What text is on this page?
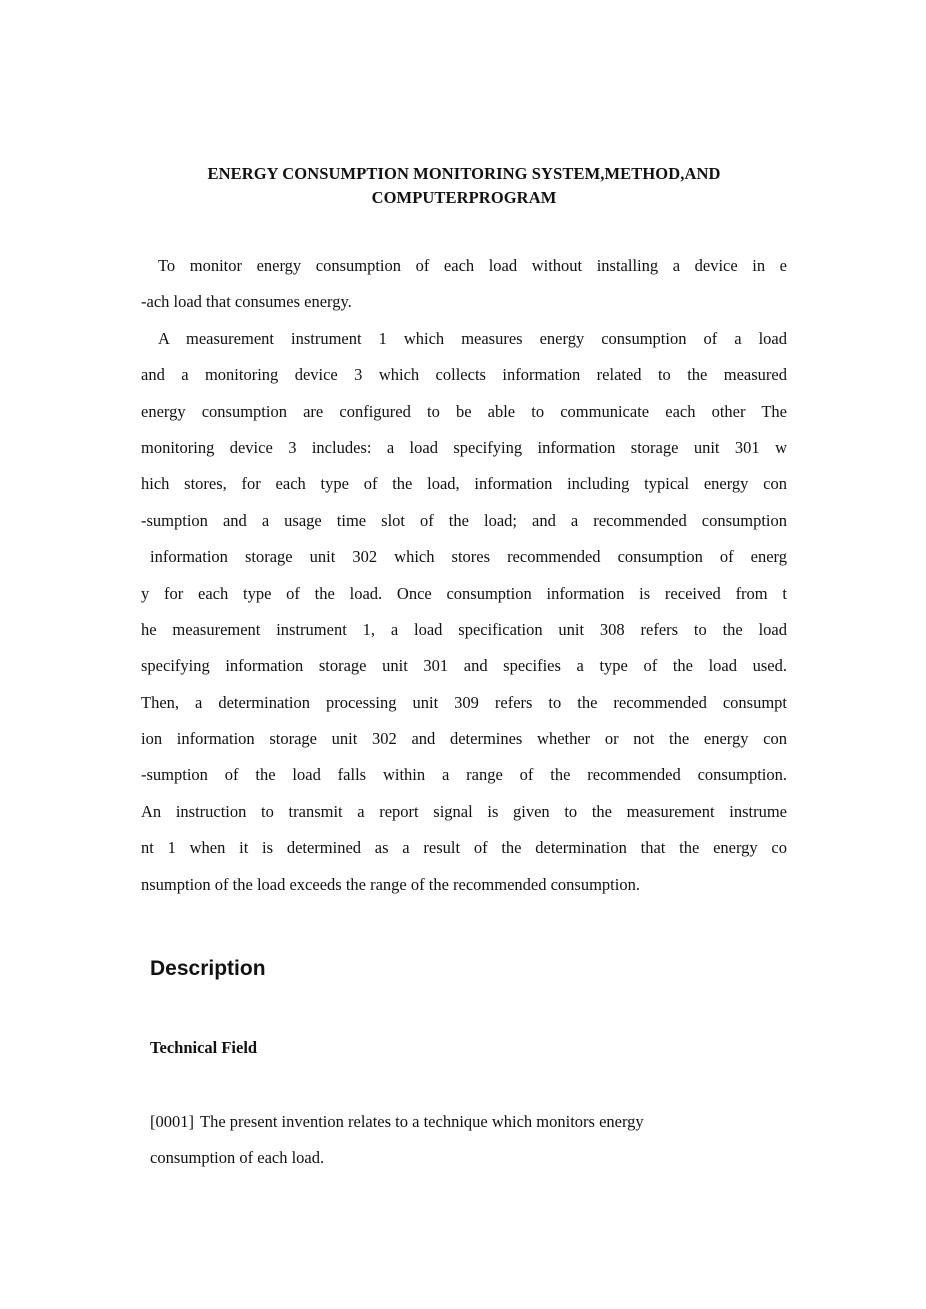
ENERGY CONSUMPTION MONITORING SYSTEM,METHOD,AND
COMPUTERPROGRAM
To monitor energy consumption of each load without installing a device in e
-ach load that consumes energy.
A measurement instrument 1 which measures energy consumption of a load
and a monitoring device 3 which collects information related to the measured
energy consumption are configured to be able to communicate each other The
monitoring device 3 includes: a load specifying information storage unit 301 w
hich stores, for each type of the load, information including typical energy con
-sumption and a usage time slot of the load; and a recommended consumption
information storage unit 302 which stores recommended consumption of energ
y for each type of the load. Once consumption information is received from t
he measurement instrument 1, a load specification unit 308 refers to the load
specifying information storage unit 301 and specifies a type of the load used.
Then, a determination processing unit 309 refers to the recommended consumpt
ion information storage unit 302 and determines whether or not the energy con
-sumption of the load falls within a range of the recommended consumption.
An instruction to transmit a report signal is given to the measurement instrume
nt 1 when it is determined as a result of the determination that the energy co
nsumption of the load exceeds the range of the recommended consumption.
Description
Technical Field
[0001] The present invention relates to a technique which monitors energy
consumption of each load.
